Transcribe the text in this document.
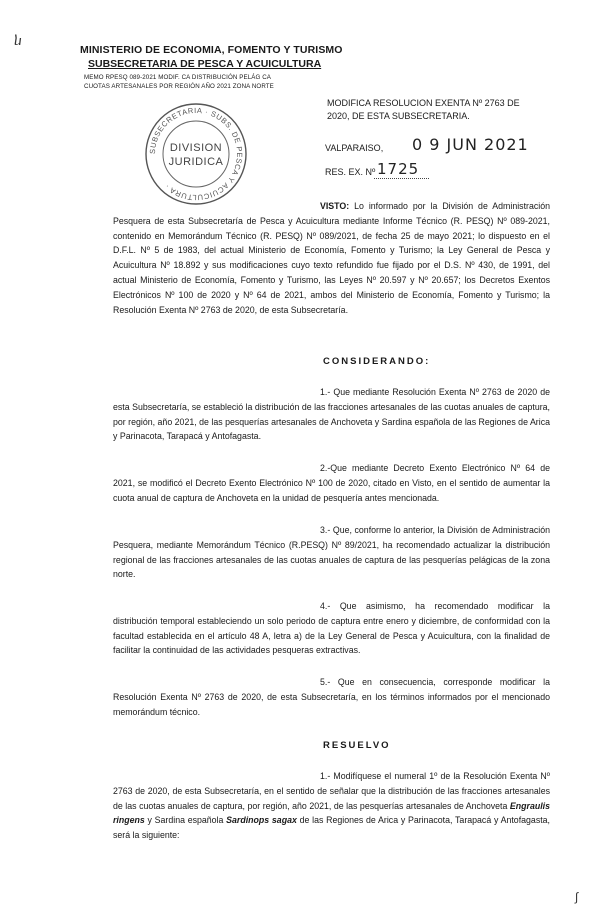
ⴑ
MINISTERIO DE ECONOMIA, FOMENTO Y TURISMO
SUBSECRETARIA DE PESCA Y ACUICULTURA
MEMO RPESQ 089-2021 MODIF. CA DISTRIBUCIÓN PELÁG CA
CUOTAS ARTESANALES POR REGIÓN AÑO 2021 ZONA NORTE
MODIFICA RESOLUCION EXENTA Nº 2763 DE
2020, DE ESTA SUBSECRETARIA.
SUBSECRETARIA · SUBS. DE PESCA Y ACUICULTURA ·
DIVISION
JURIDICA
VALPARAISO, 0 9 JUN 2021
RES. EX. Nº 1725
VISTO: Lo informado por la División de Administración Pesquera de esta Subsecretaría de Pesca y Acuicultura mediante Informe Técnico (R. PESQ) Nº 089-2021, contenido en Memorándum Técnico (R. PESQ) Nº 089/2021, de fecha 25 de mayo 2021; lo dispuesto en el D.F.L. Nº 5 de 1983, del actual Ministerio de Economía, Fomento y Turismo; la Ley General de Pesca y Acuicultura Nº 18.892 y sus modificaciones cuyo texto refundido fue fijado por el D.S. Nº 430, de 1991, del actual Ministerio de Economía, Fomento y Turismo, las Leyes Nº 20.597 y Nº 20.657; los Decretos Exentos Electrónicos Nº 100 de 2020 y Nº 64 de 2021, ambos del Ministerio de Economía, Fomento y Turismo; la Resolución Exenta Nº 2763 de 2020, de esta Subsecretaría.
CONSIDERANDO:
1.- Que mediante Resolución Exenta Nº 2763 de 2020 de esta Subsecretaría, se estableció la distribución de las fracciones artesanales de las cuotas anuales de captura, por región, año 2021, de las pesquerías artesanales de Anchoveta y Sardina española de las Regiones de Arica y Parinacota, Tarapacá y Antofagasta.
2.-Que mediante Decreto Exento Electrónico Nº 64 de 2021, se modificó el Decreto Exento Electrónico Nº 100 de 2020, citado en Visto, en el sentido de aumentar la cuota anual de captura de Anchoveta en la unidad de pesquería antes mencionada.
3.- Que, conforme lo anterior, la División de Administración Pesquera, mediante Memorándum Técnico (R.PESQ) Nº 89/2021, ha recomendado actualizar la distribución regional de las fracciones artesanales de las cuotas anuales de captura de las pesquerías pelágicas de la zona norte.
4.- Que asimismo, ha recomendado modificar la distribución temporal estableciendo un solo periodo de captura entre enero y diciembre, de conformidad con la facultad establecida en el artículo 48 A, letra a) de la Ley General de Pesca y Acuicultura, con la finalidad de facilitar la continuidad de las actividades pesqueras extractivas.
5.- Que en consecuencia, corresponde modificar la Resolución Exenta Nº 2763 de 2020, de esta Subsecretaría, en los términos informados por el mencionado memorándum técnico.
RESUELVO
1.- Modifíquese el numeral 1º de la Resolución Exenta Nº 2763 de 2020, de esta Subsecretaría, en el sentido de señalar que la distribución de las fracciones artesanales de las cuotas anuales de captura, por región, año 2021, de las pesquerías artesanales de Anchoveta Engraulis ringens y Sardina española Sardinops sagax de las Regiones de Arica y Parinacota, Tarapacá y Antofagasta, será la siguiente:
∫
